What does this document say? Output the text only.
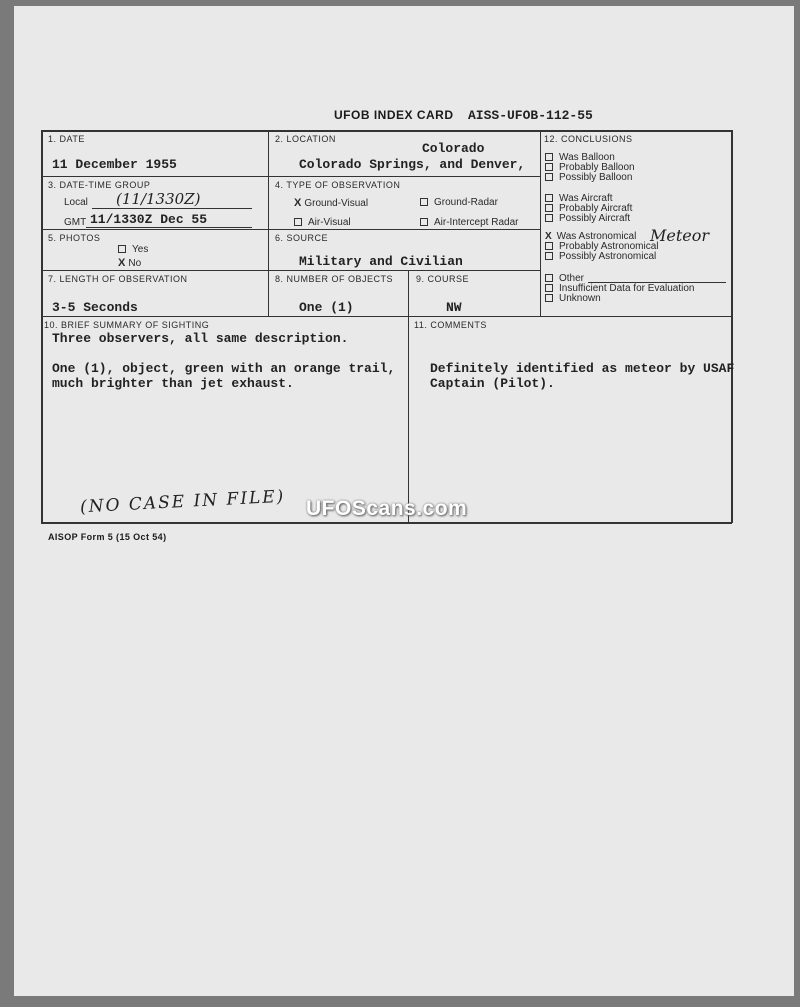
UFOB INDEX CARD AISS-UFOB-112-55
1. DATE
11 December 1955
2. LOCATION
Colorado
Colorado Springs, and Denver,
3. DATE-TIME GROUP
Local (11/1330Z)
GMT 11/1330Z Dec 55
4. TYPE OF OBSERVATION
X Ground-Visual	Ground-Radar
Air-Visual	Air-Intercept Radar
5. PHOTOS
Yes
X No
6. SOURCE
Military and Civilian
7. LENGTH OF OBSERVATION
3-5 Seconds
8. NUMBER OF OBJECTS
One (1)
9. COURSE
NW
10. BRIEF SUMMARY OF SIGHTING
Three observers, all same description.
One (1), object, green with an orange trail,
much brighter than jet exhaust.
(NO CASE IN FILE)
11. COMMENTS
Definitely identified as meteor by USAF
Captain (Pilot).
12. CONCLUSIONS
Was Balloon
Probably Balloon
Possibly Balloon
Was Aircraft
Probably Aircraft
Possibly Aircraft
X Was Astronomical
Probably Astronomical
Possibly Astronomical
Meteor
Other
Insufficient Data for Evaluation
Unknown
UFOScans.com
AISOP Form 5 (15 Oct 54)
